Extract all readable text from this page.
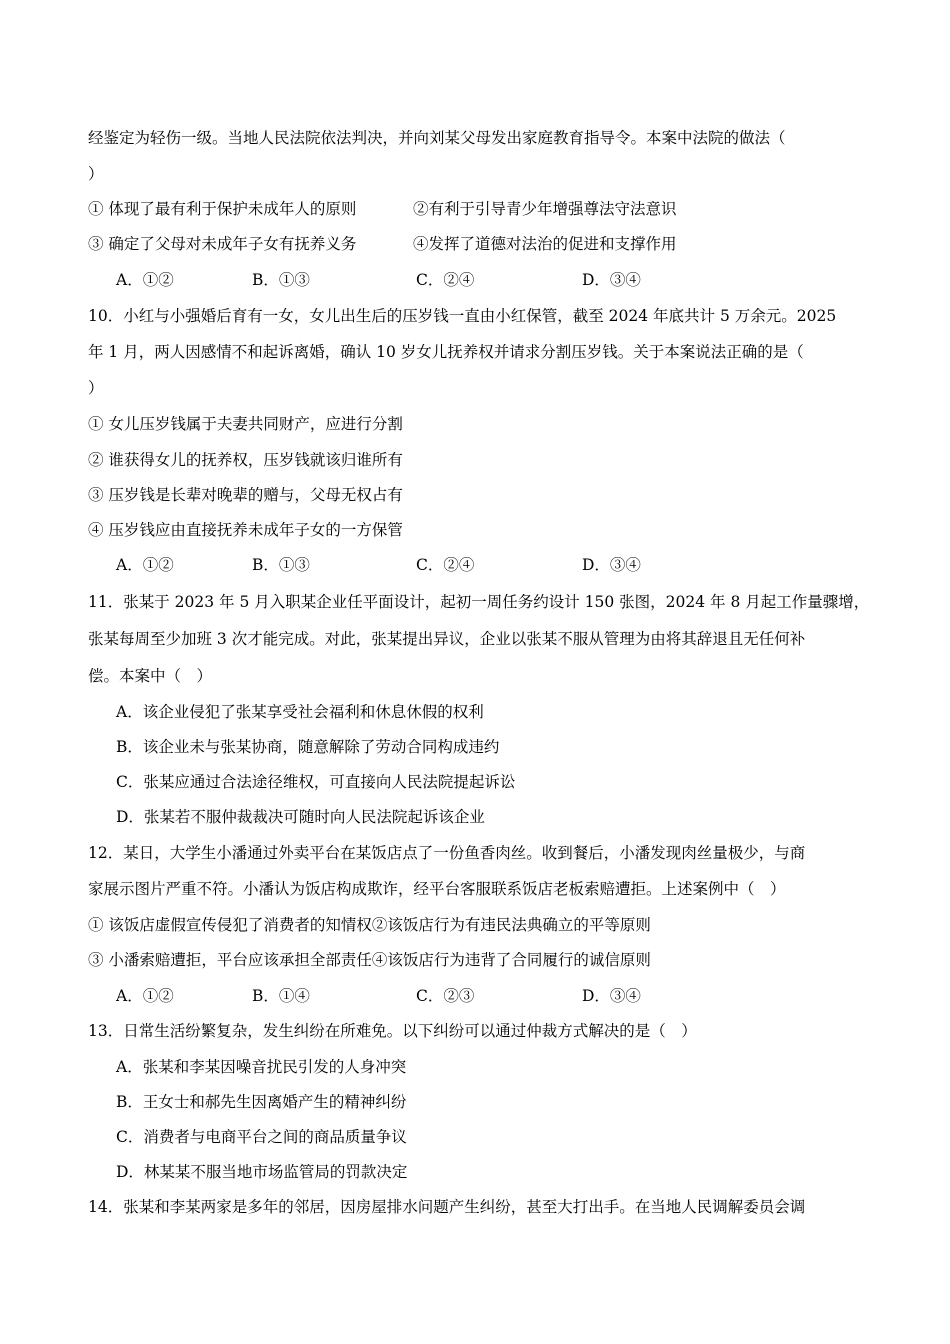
经鉴定为轻伤一级。当地人民法院依法判决，并向刘某父母发出家庭教育指导令。本案中法院的做法（
）
① 体现了最有利于保护未成年人的原则	②有利于引导青少年增强尊法守法意识
③ 确定了父母对未成年子女有抚养义务	④发挥了道德对法治的促进和支撑作用
A．①②	B．①③	C．②④	D．③④
10．小红与小强婚后育有一女，女儿出生后的压岁钱一直由小红保管，截至 2024 年底共计 5 万余元。2025
年 1 月，两人因感情不和起诉离婚，确认 10 岁女儿抚养权并请求分割压岁钱。关于本案说法正确的是（
）
① 女儿压岁钱属于夫妻共同财产，应进行分割
② 谁获得女儿的抚养权，压岁钱就该归谁所有
③ 压岁钱是长辈对晚辈的赠与，父母无权占有
④ 压岁钱应由直接抚养未成年子女的一方保管
A．①②	B．①③	C．②④	D．③④
11．张某于 2023 年 5 月入职某企业任平面设计，起初一周任务约设计 150 张图，2024 年 8 月起工作量骤增，
张某每周至少加班 3 次才能完成。对此，张某提出异议，企业以张某不服从管理为由将其辞退且无任何补
偿。本案中（　）
A．该企业侵犯了张某享受社会福利和休息休假的权利
B．该企业未与张某协商，随意解除了劳动合同构成违约
C．张某应通过合法途径维权，可直接向人民法院提起诉讼
D．张某若不服仲裁裁决可随时向人民法院起诉该企业
12．某日，大学生小潘通过外卖平台在某饭店点了一份鱼香肉丝。收到餐后，小潘发现肉丝量极少，与商
家展示图片严重不符。小潘认为饭店构成欺诈，经平台客服联系饭店老板索赔遭拒。上述案例中（　）
① 该饭店虚假宣传侵犯了消费者的知情权②该饭店行为有违民法典确立的平等原则
③ 小潘索赔遭拒，平台应该承担全部责任④该饭店行为违背了合同履行的诚信原则
A．①②	B．①④	C．②③	D．③④
13．日常生活纷繁复杂，发生纠纷在所难免。以下纠纷可以通过仲裁方式解决的是（　）
A．张某和李某因噪音扰民引发的人身冲突
B．王女士和郝先生因离婚产生的精神纠纷
C．消费者与电商平台之间的商品质量争议
D．林某某不服当地市场监管局的罚款决定
14．张某和李某两家是多年的邻居，因房屋排水问题产生纠纷，甚至大打出手。在当地人民调解委员会调
